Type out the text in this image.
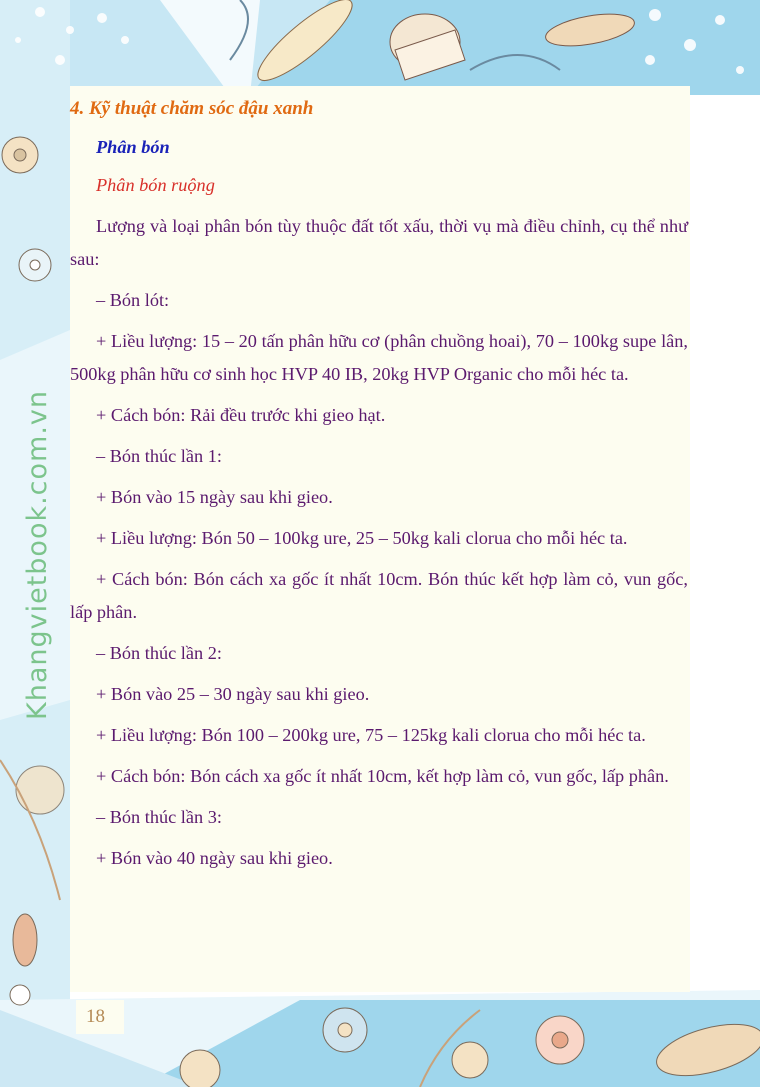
4. Kỹ thuật chăm sóc đậu xanh

Phân bón

Phân bón ruộng

Lượng và loại phân bón tùy thuộc đất tốt xấu, thời vụ mà điều chỉnh, cụ thể như sau:

– Bón lót:

+ Liều lượng: 15 – 20 tấn phân hữu cơ (phân chuồng hoai), 70 – 100kg supe lân, 500kg phân hữu cơ sinh học HVP 40 IB, 20kg HVP Organic cho mỗi héc ta.

+ Cách bón: Rải đều trước khi gieo hạt.

– Bón thúc lần 1:

+ Bón vào 15 ngày sau khi gieo.

+ Liều lượng: Bón 50 – 100kg ure, 25 – 50kg kali clorua cho mỗi héc ta.

+ Cách bón: Bón cách xa gốc ít nhất 10cm. Bón thúc kết hợp làm cỏ, vun gốc, lấp phân.

– Bón thúc lần 2:

+ Bón vào 25 – 30 ngày sau khi gieo.

+ Liều lượng: Bón 100 – 200kg ure, 75 – 125kg kali clorua cho mỗi héc ta.

+ Cách bón: Bón cách xa gốc ít nhất 10cm, kết hợp làm cỏ, vun gốc, lấp phân.

– Bón thúc lần 3:

+ Bón vào 40 ngày sau khi gieo.

Khangvietbook.com.vn
18
